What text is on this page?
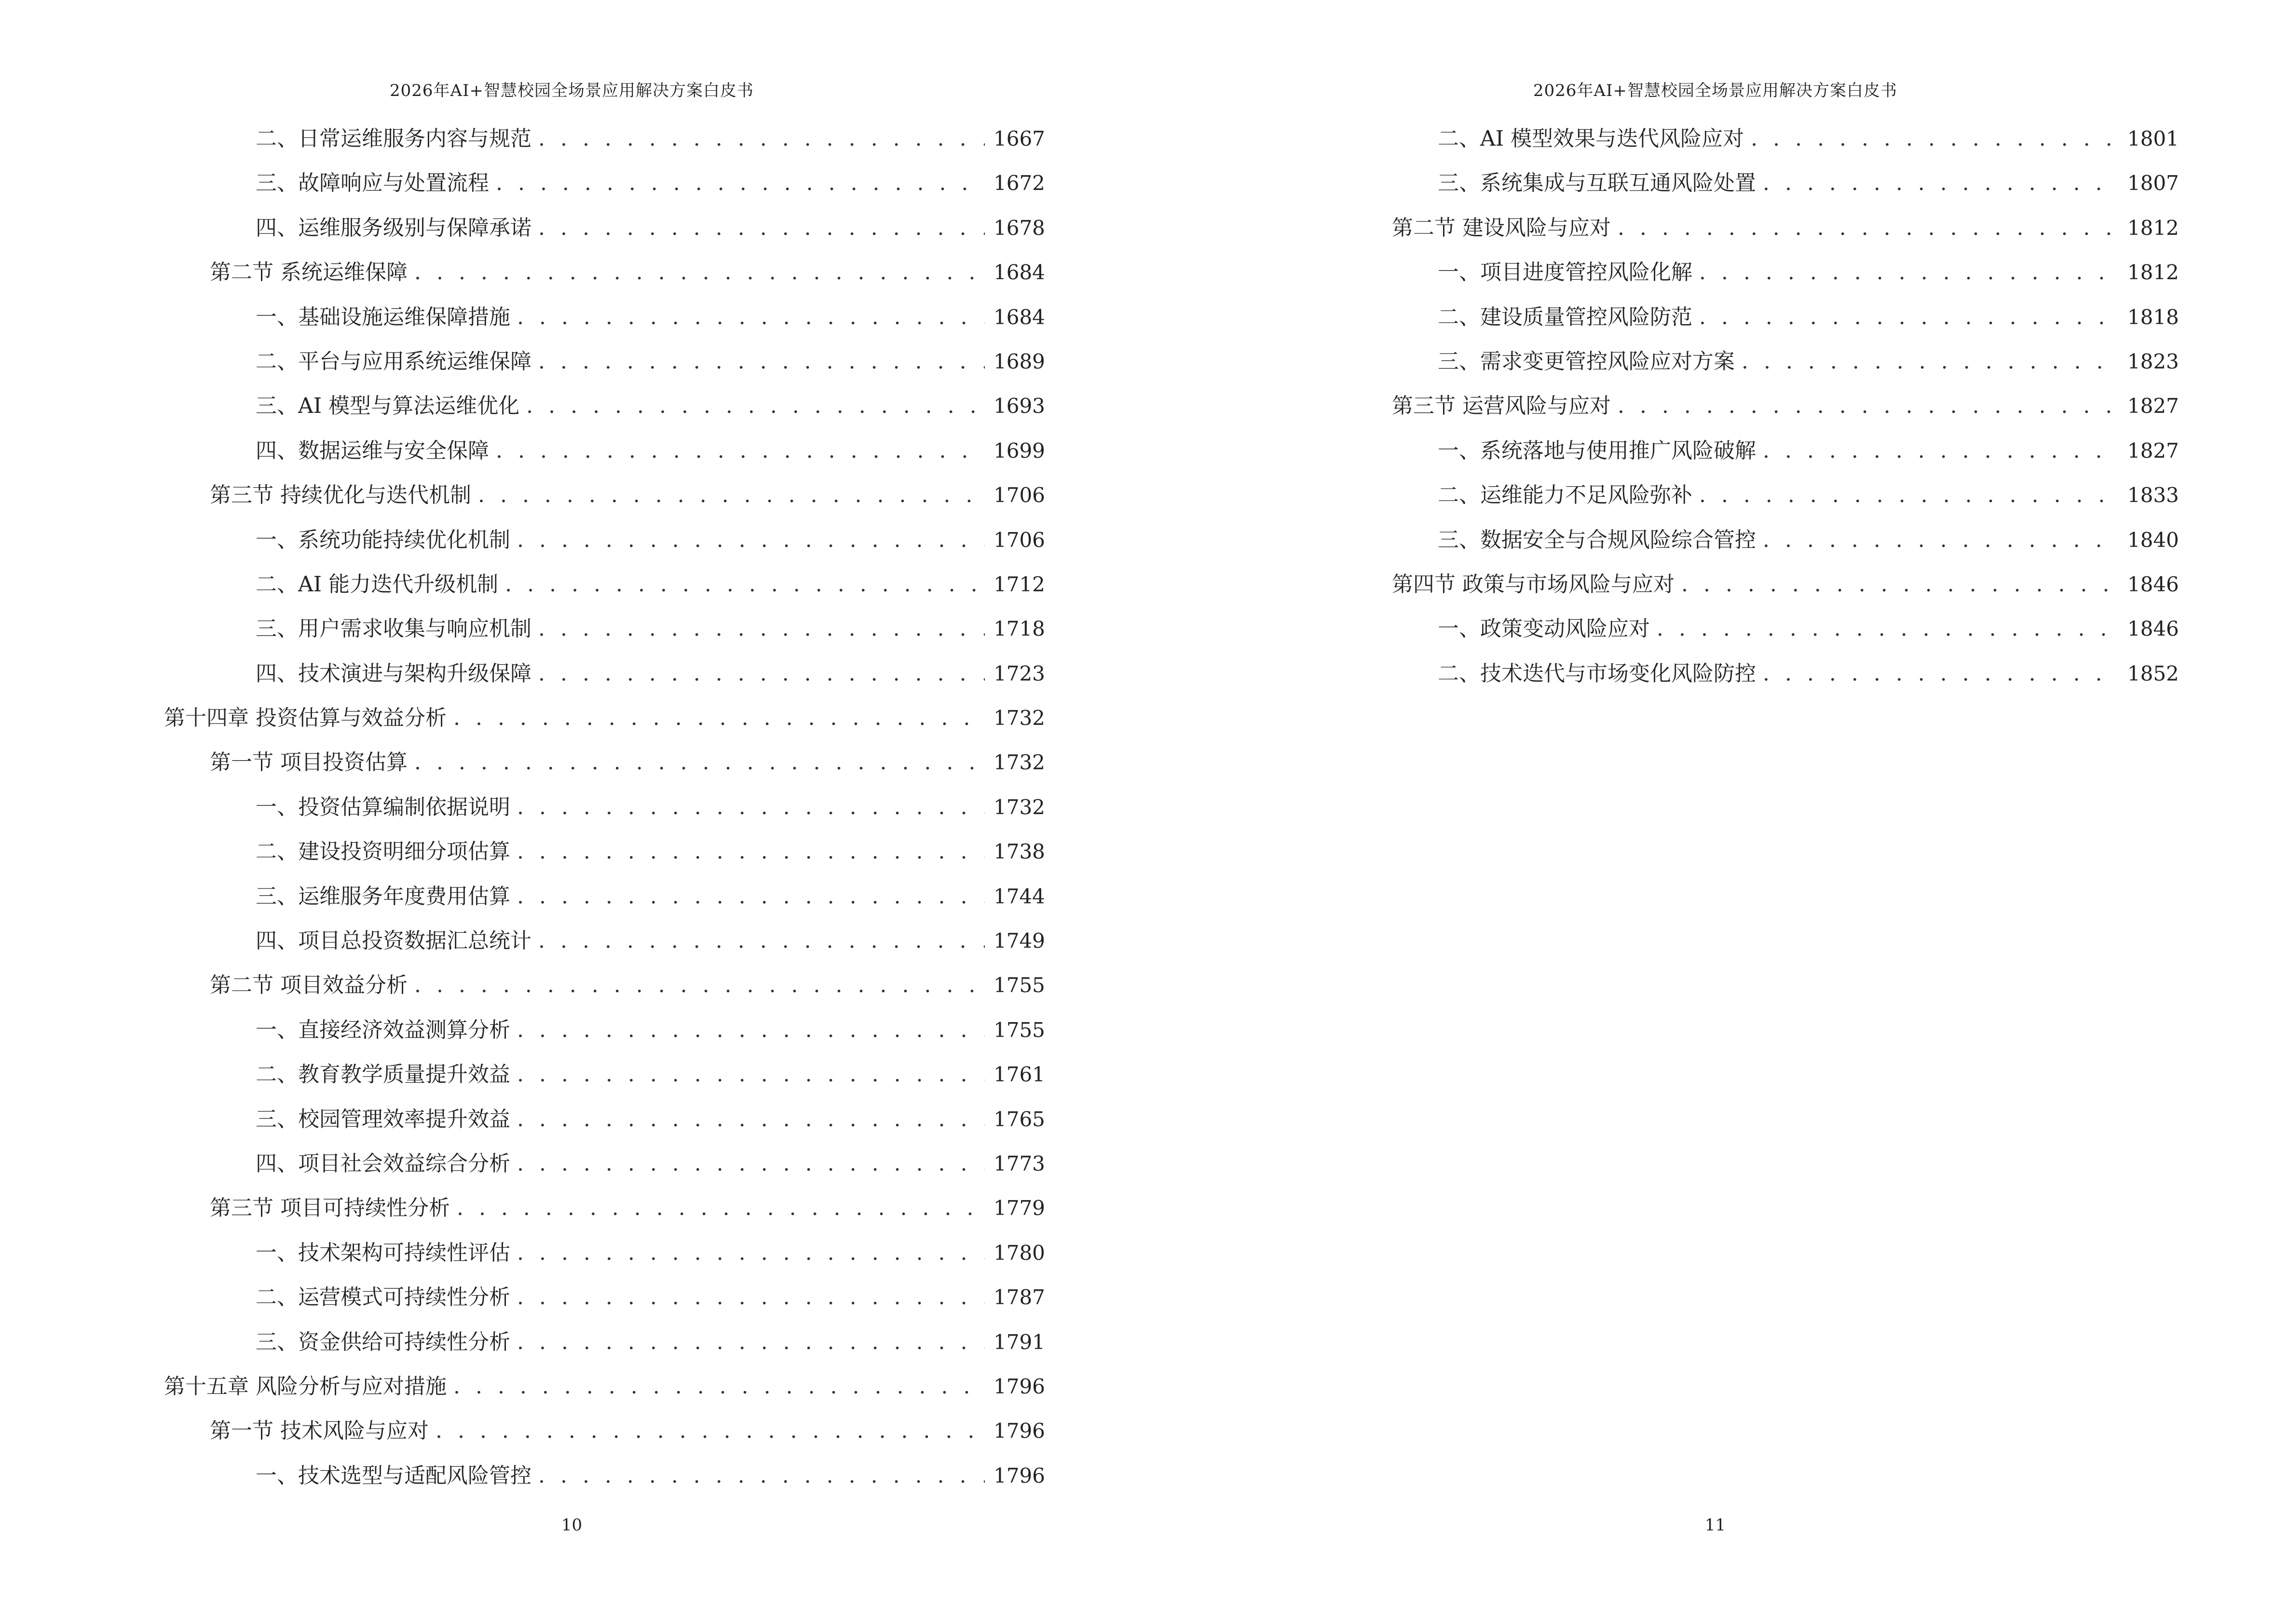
2026年AI+智慧校园全场景应用解决方案白皮书
二、日常运维服务内容与规范 . . .	1667
三、故障响应与处置流程 . . .	1672
四、运维服务级别与保障承诺 . . .	1678
第二节 系统运维保障 . . .	1684
一、基础设施运维保障措施 . . .	1684
二、平台与应用系统运维保障 . . .	1689
三、AI 模型与算法运维优化 . . .	1693
四、数据运维与安全保障 . . .	1699
第三节 持续优化与迭代机制 . . .	1706
一、系统功能持续优化机制 . . .	1706
二、AI 能力迭代升级机制 . . .	1712
三、用户需求收集与响应机制 . . .	1718
四、技术演进与架构升级保障 . . .	1723
第十四章 投资估算与效益分析 . . .	1732
第一节 项目投资估算 . . .	1732
一、投资估算编制依据说明 . . .	1732
二、建设投资明细分项估算 . . .	1738
三、运维服务年度费用估算 . . .	1744
四、项目总投资数据汇总统计 . . .	1749
第二节 项目效益分析 . . .	1755
一、直接经济效益测算分析 . . .	1755
二、教育教学质量提升效益 . . .	1761
三、校园管理效率提升效益 . . .	1765
四、项目社会效益综合分析 . . .	1773
第三节 项目可持续性分析 . . .	1779
一、技术架构可持续性评估 . . .	1780
二、运营模式可持续性分析 . . .	1787
三、资金供给可持续性分析 . . .	1791
第十五章 风险分析与应对措施 . . .	1796
第一节 技术风险与应对 . . .	1796
一、技术选型与适配风险管控 . . .	1796
10
2026年AI+智慧校园全场景应用解决方案白皮书
二、AI 模型效果与迭代风险应对 . . .	1801
三、系统集成与互联互通风险处置 . . .	1807
第二节 建设风险与应对 . . .	1812
一、项目进度管控风险化解 . . .	1812
二、建设质量管控风险防范 . . .	1818
三、需求变更管控风险应对方案 . . .	1823
第三节 运营风险与应对 . . .	1827
一、系统落地与使用推广风险破解 . . .	1827
二、运维能力不足风险弥补 . . .	1833
三、数据安全与合规风险综合管控 . . .	1840
第四节 政策与市场风险与应对 . . .	1846
一、政策变动风险应对 . . .	1846
二、技术迭代与市场变化风险防控 . . .	1852
11
